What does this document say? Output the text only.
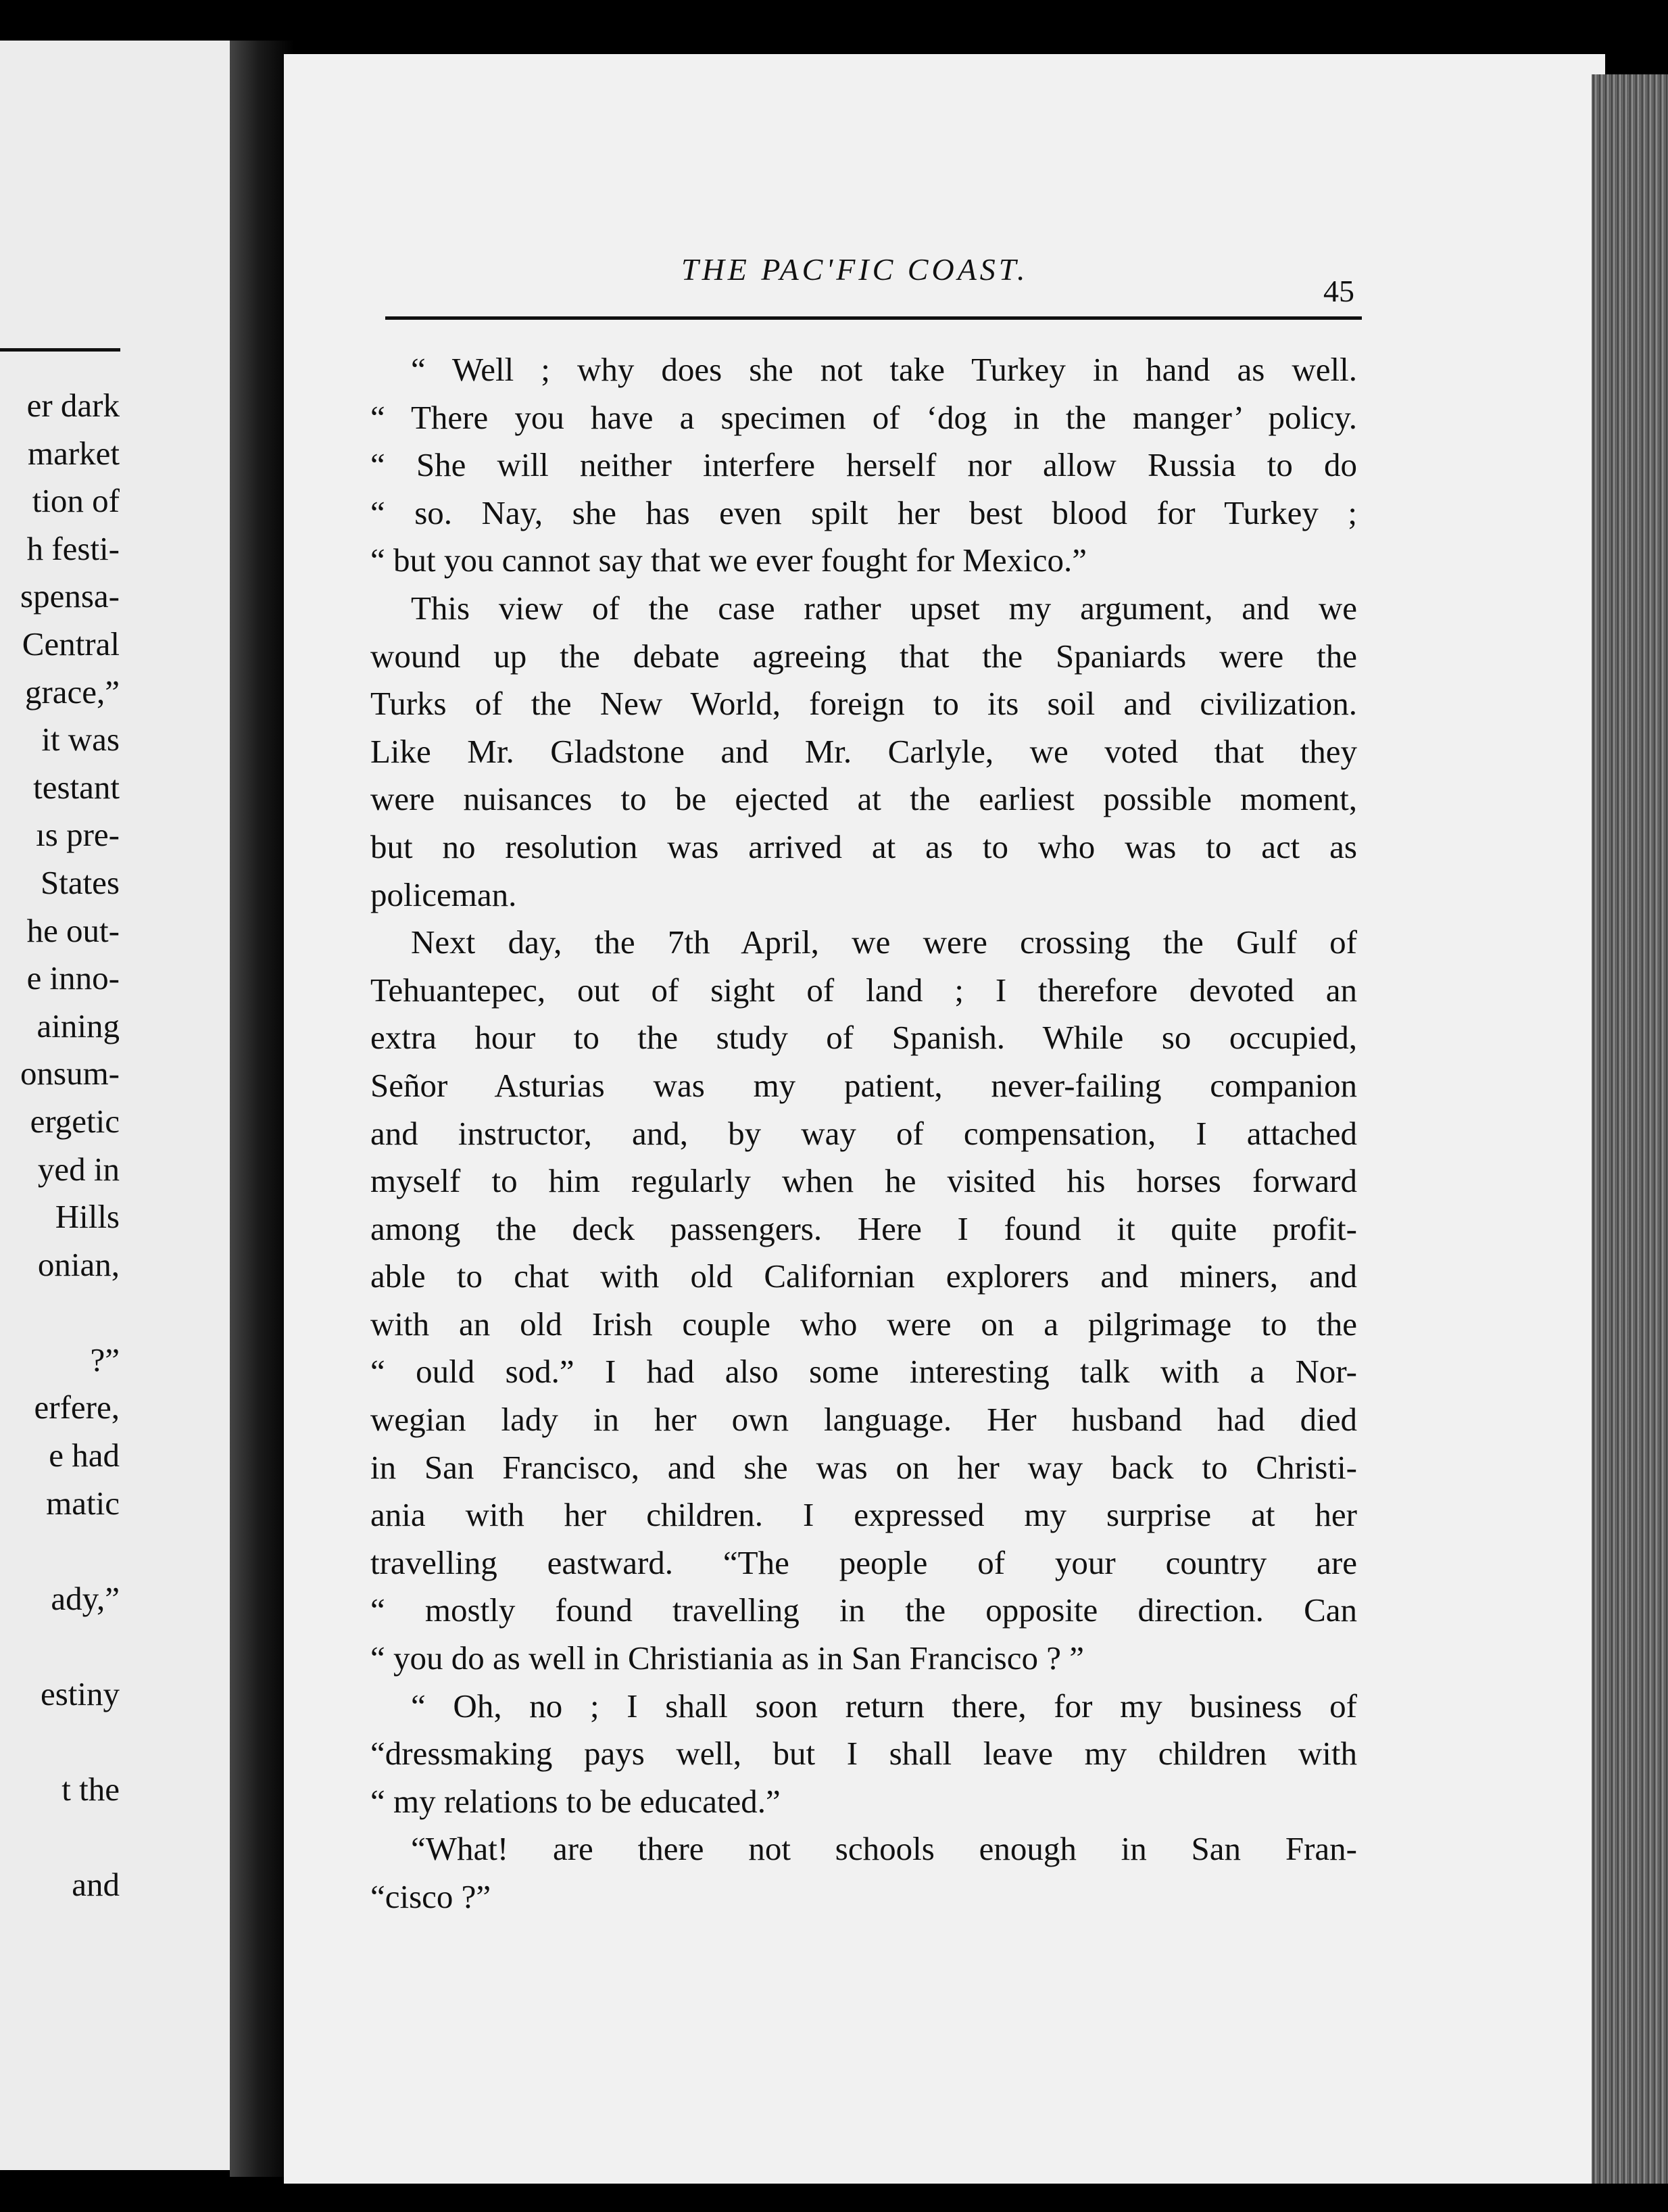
er dark
market
tion of
h festi-
spensa-
Central
grace,”
it was
testant
ıs pre-
States
he out-
e inno-
aining
onsum-
ergetic
yed in
Hills
onian,

?”
erfere,
e had
matic

ady,”

estiny

t the

and
THE PAC'FIC COAST.
45
“ Well ; why does she not take Turkey in hand as well.
“ There you have a specimen of ‘dog in the manger’ policy.
“ She will neither interfere herself nor allow Russia to do
“ so. Nay, she has even spilt her best blood for Turkey ;
“ but you cannot say that we ever fought for Mexico.”
This view of the case rather upset my argument, and we
wound up the debate agreeing that the Spaniards were the
Turks of the New World, foreign to its soil and civilization.
Like Mr. Gladstone and Mr. Carlyle, we voted that they
were nuisances to be ejected at the earliest possible moment,
but no resolution was arrived at as to who was to act as
policeman.
Next day, the 7th April, we were crossing the Gulf of
Tehuantepec, out of sight of land ; I therefore devoted an
extra hour to the study of Spanish. While so occupied,
Señor Asturias was my patient, never-failing companion
and instructor, and, by way of compensation, I attached
myself to him regularly when he visited his horses forward
among the deck passengers. Here I found it quite profit-
able to chat with old Californian explorers and miners, and
with an old Irish couple who were on a pilgrimage to the
“ ould sod.” I had also some interesting talk with a Nor-
wegian lady in her own language. Her husband had died
in San Francisco, and she was on her way back to Christi-
ania with her children. I expressed my surprise at her
travelling eastward. “The people of your country are
“ mostly found travelling in the opposite direction. Can
“ you do as well in Christiania as in San Francisco ? ”
“ Oh, no ; I shall soon return there, for my business of
“dressmaking pays well, but I shall leave my children with
“ my relations to be educated.”
“What! are there not schools enough in San Fran-
“cisco ?”
